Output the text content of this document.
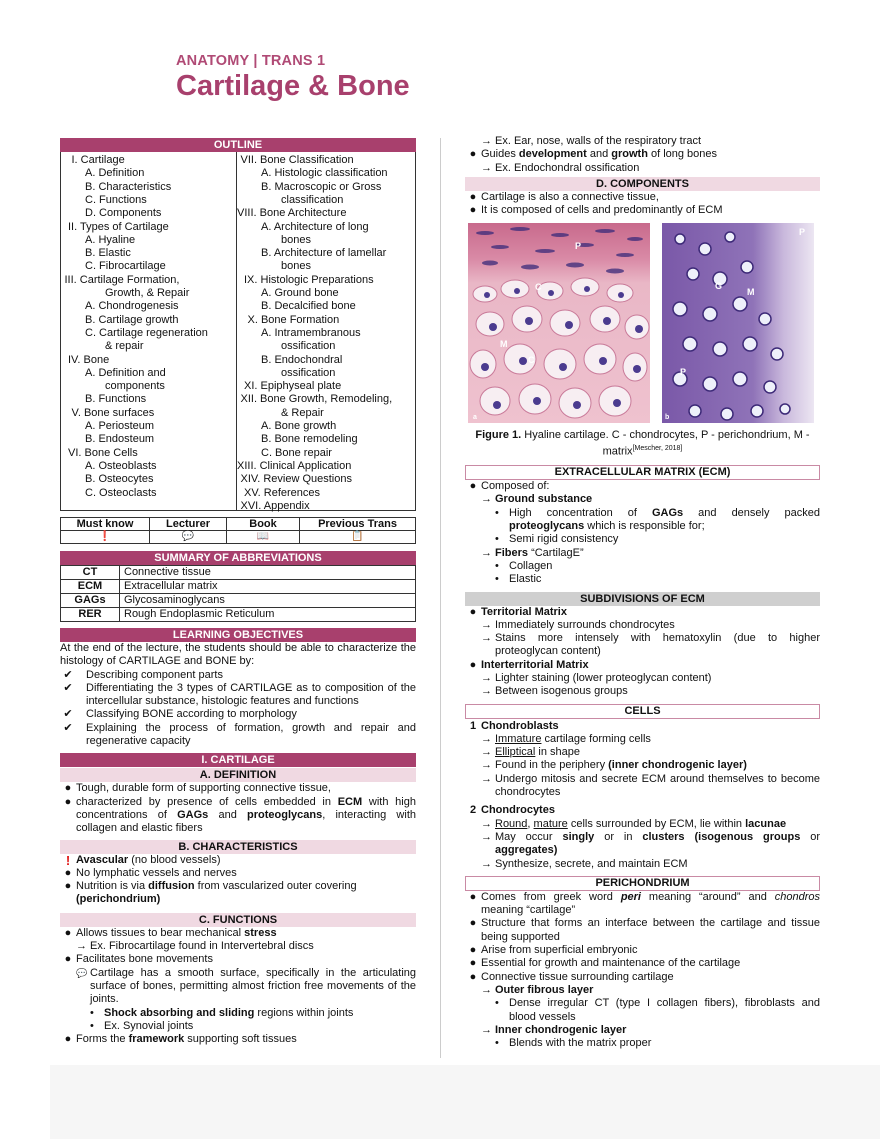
ANATOMY | TRANS 1
Cartilage & Bone
OUTLINE
I. Cartilage
A. Definition
B. Characteristics
C. Functions
D. Components
II. Types of Cartilage
A. Hyaline
B. Elastic
C. Fibrocartilage
III. Cartilage Formation,
Growth, & Repair
A. Chondrogenesis
B. Cartilage growth
C. Cartilage regeneration
& repair
IV. Bone
A. Definition and
components
B. Functions
V. Bone surfaces
A. Periosteum
B. Endosteum
VI. Bone Cells
A. Osteoblasts
B. Osteocytes
C. Osteoclasts
VII. Bone Classification
A. Histologic classification
B. Macroscopic or Gross
classification
VIII. Bone Architecture
A. Architecture of long
bones
B. Architecture of lamellar
bones
IX. Histologic Preparations
A. Ground bone
B. Decalcified bone
X. Bone Formation
A. Intramembranous
ossification
B. Endochondral
ossification
XI. Epiphyseal plate
XII. Bone Growth, Remodeling,
& Repair
A. Bone growth
B. Bone remodeling
C. Bone repair
XIII. Clinical Application
XIV. Review Questions
XV. References
XVI. Appendix
Must know	Lecturer	Book	Previous Trans
❗	💬	📖	📋
SUMMARY OF ABBREVIATIONS
CT	Connective tissue
ECM	Extracellular matrix
GAGs	Glycosaminoglycans
RER	Rough Endoplasmic Reticulum
LEARNING OBJECTIVES
At the end of the lecture, the students should be able to characterize the histology of CARTILAGE and BONE by:
✔	Describing component parts
✔	Differentiating the 3 types of CARTILAGE as to composition of the intercellular substance, histologic features and functions
✔	Classifying BONE according to morphology
✔	Explaining the process of formation, growth and repair and regenerative capacity
I. CARTILAGE
A. DEFINITION
● Tough, durable form of supporting connective tissue,
● characterized by presence of cells embedded in ECM with high concentrations of GAGs and proteoglycans, interacting with collagen and elastic fibers
B. CHARACTERISTICS
! Avascular (no blood vessels)
● No lymphatic vessels and nerves
● Nutrition is via diffusion from vascularized outer covering
(perichondrium)
C. FUNCTIONS
● Allows tissues to bear mechanical stress
→ Ex. Fibrocartilage found in Intervertebral discs
● Facilitates bone movements
💬 Cartilage has a smooth surface, specifically in the articulating surface of bones, permitting almost friction free movements of the joints.
• Shock absorbing and sliding regions within joints
• Ex. Synovial joints
● Forms the framework supporting soft tissues
→ Ex. Ear, nose, walls of the respiratory tract
● Guides development and growth of long bones
→ Ex. Endochondral ossification
D. COMPONENTS
● Cartilage is also a connective tissue,
● It is composed of cells and predominantly of ECM
P
C
M
C
a
P
G
M
P
b
Figure 1. Hyaline cartilage. C - chondrocytes, P - perichondrium, M - matrix[Mescher, 2018]
EXTRACELLULAR MATRIX (ECM)
● Composed of:
→ Ground substance
• High concentration of GAGs and densely packed proteoglycans which is responsible for;
• Semi rigid consistency
→ Fibers “CartilagE”
• Collagen
• Elastic
SUBDIVISIONS OF ECM
● Territorial Matrix
→ Immediately surrounds chondrocytes
→ Stains more intensely with hematoxylin (due to higher proteoglycan content)
● Interterritorial Matrix
→ Lighter staining (lower proteoglycan content)
→ Between isogenous groups
CELLS
1 Chondroblasts
→ Immature cartilage forming cells
→ Elliptical in shape
→ Found in the periphery (inner chondrogenic layer)
→ Undergo mitosis and secrete ECM around themselves to become chondrocytes
2 Chondrocytes
→ Round, mature cells surrounded by ECM, lie within lacunae
→ May occur singly or in clusters (isogenous groups or aggregates)
→ Synthesize, secrete, and maintain ECM
PERICHONDRIUM
● Comes from greek word peri meaning “around” and chondros meaning “cartilage”
● Structure that forms an interface between the cartilage and tissue being supported
● Arise from superficial embryonic
● Essential for growth and maintenance of the cartilage
● Connective tissue surrounding cartilage
→ Outer fibrous layer
• Dense irregular CT (type I collagen fibers), fibroblasts and blood vessels
→ Inner chondrogenic layer
• Blends with the matrix proper
